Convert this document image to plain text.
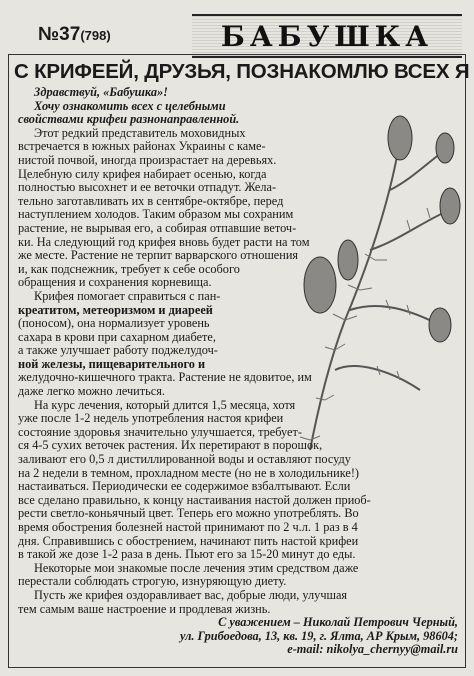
№37(798)	БАБУШКА
С КРИФЕЕЙ, ДРУЗЬЯ, ПОЗНАКОМЛЮ ВСЕХ Я
Здравствуй, «Бабушка»!
Хочу ознакомить всех с целебными
свойствами крифеи разнонаправленной.
Этот редкий представитель моховидных
встречается в южных районах Украины с каме-
нистой почвой, иногда произрастает на деревьях.
Целебную силу крифея набирает осенью, когда
полностью высохнет и ее веточки отпадут. Жела-
тельно заготавливать их в сентябре-октябре, перед
наступлением холодов. Таким образом мы сохраним
растение, не вырывая его, а собирая отпавшие веточ-
ки. На следующий год крифея вновь будет расти на том
же месте. Растение не терпит варварского отношения
и, как подснежник, требует к себе особого
обращения и сохранения корневища.
Крифея помогает справиться с пан-
креатитом, метеоризмом и диареей
(поносом), она нормализует уровень
сахара в крови при сахарном диабете,
а также улучшает работу поджелудоч-
ной железы, пищеварительного и
желудочно-кишечного тракта. Растение не ядовитое, им
даже легко можно лечиться.
На курс лечения, который длится 1,5 месяца, хотя
уже после 1-2 недель употребления настоя крифеи
состояние здоровья значительно улучшается, требует-
ся 4-5 сухих веточек растения. Их перетирают в порошок,
заливают его 0,5 л дистиллированной воды и оставляют посуду
на 2 недели в темном, прохладном месте (но не в холодильнике!)
настаиваться. Периодически ее содержимое взбалтывают. Если
все сделано правильно, к концу настаивания настой должен приоб-
рести светло-коньячный цвет. Теперь его можно употреблять. Во
время обострения болезней настой принимают по 2 ч.л. 1 раз в 4
дня. Справившись с обострением, начинают пить настой крифеи
в такой же дозе 1-2 раза в день. Пьют его за 15-20 минут до еды.
Некоторые мои знакомые после лечения этим средством даже
перестали соблюдать строгую, изнуряющую диету.
Пусть же крифея оздоравливает вас, добрые люди, улучшая
тем самым ваше настроение и продлевая жизнь.
С уважением – Николай Петрович Черный,
ул. Грибоедова, 13, кв. 19, г. Ялта, АР Крым, 98604;
e-mail: nikolya_chernyy@mail.ru
